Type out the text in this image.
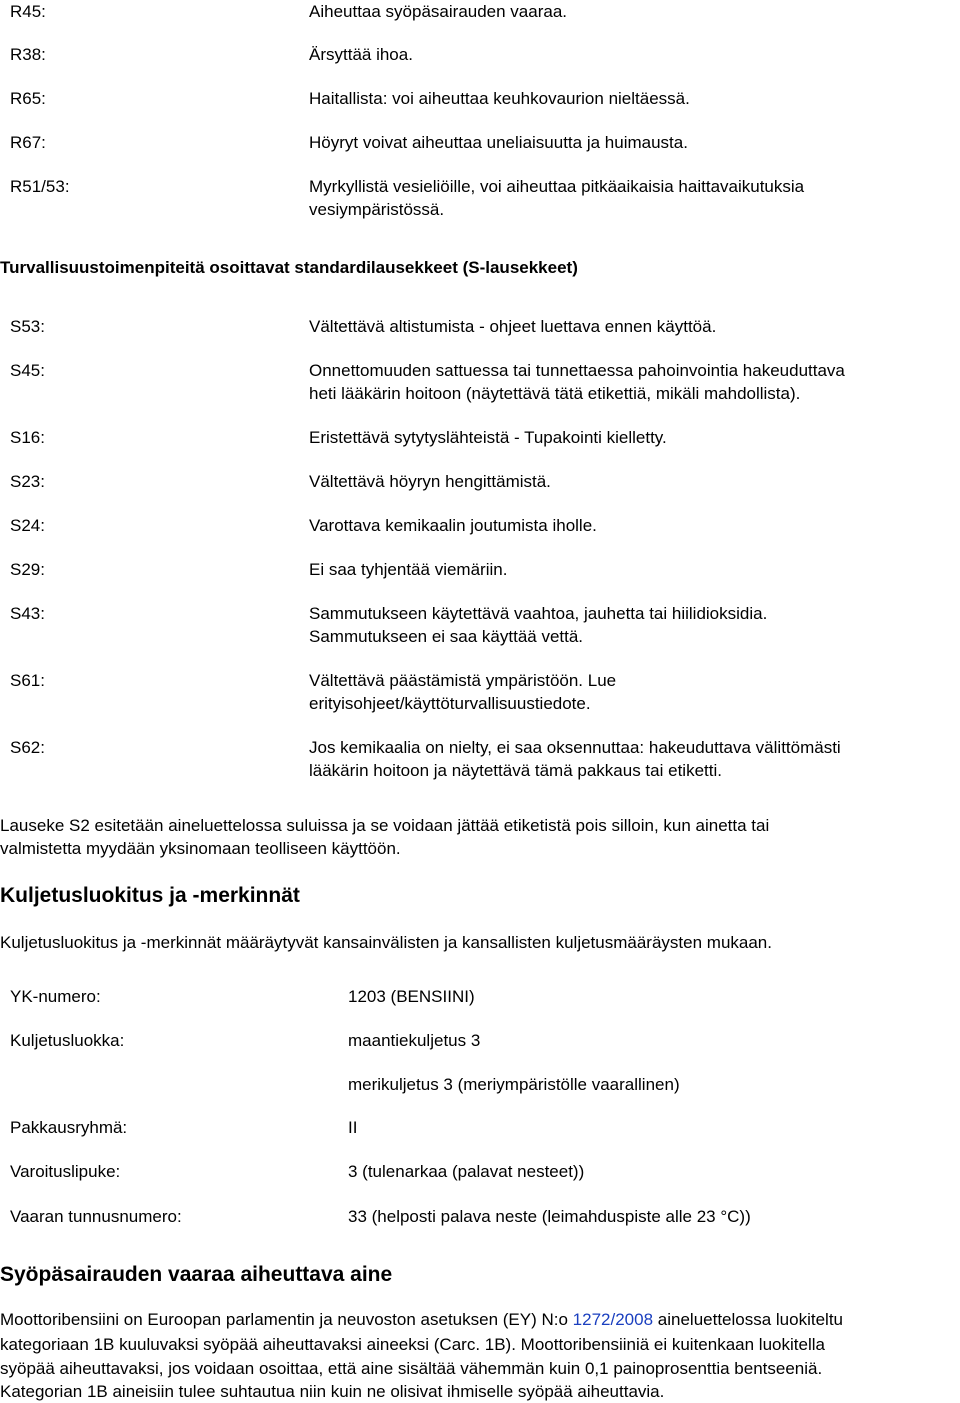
R45:	Aiheuttaa syöpäsairauden vaaraa.
R38:	Ärsyttää ihoa.
R65:	Haitallista: voi aiheuttaa keuhkovaurion nieltäessä.
R67:	Höyryt voivat aiheuttaa uneliaisuutta ja huimausta.
R51/53:	Myrkyllistä vesieliöille, voi aiheuttaa pitkäaikaisia haittavaikutuksia
vesiympäristössä.
Turvallisuustoimenpiteitä osoittavat standardilausekkeet (S-lausekkeet)
S53:	Vältettävä altistumista - ohjeet luettava ennen käyttöä.
S45:	Onnettomuuden sattuessa tai tunnettaessa pahoinvointia hakeuduttava
heti lääkärin hoitoon (näytettävä tätä etikettiä, mikäli mahdollista).
S16:	Eristettävä sytytyslähteistä - Tupakointi kielletty.
S23:	Vältettävä höyryn hengittämistä.
S24:	Varottava kemikaalin joutumista iholle.
S29:	Ei saa tyhjentää viemäriin.
S43:	Sammutukseen käytettävä vaahtoa, jauhetta tai hiilidioksidia.
Sammutukseen ei saa käyttää vettä.
S61:	Vältettävä päästämistä ympäristöön. Lue
erityisohjeet/käyttöturvallisuustiedote.
S62:	Jos kemikaalia on nielty, ei saa oksennuttaa: hakeuduttava välittömästi
lääkärin hoitoon ja näytettävä tämä pakkaus tai etiketti.
Lauseke S2 esitetään aineluettelossa suluissa ja se voidaan jättää etiketistä pois silloin, kun ainetta tai
valmistetta myydään yksinomaan teolliseen käyttöön.
Kuljetusluokitus ja -merkinnät
Kuljetusluokitus ja -merkinnät määräytyvät kansainvälisten ja kansallisten kuljetusmääräysten mukaan.
YK-numero:	1203 (BENSIINI)
Kuljetusluokka:	maantiekuljetus 3
merikuljetus 3 (meriympäristölle vaarallinen)
Pakkausryhmä:	II
Varoituslipuke:	3 (tulenarkaa (palavat nesteet))
Vaaran tunnusnumero:	33 (helposti palava neste (leimahduspiste alle 23 °C))
Syöpäsairauden vaaraa aiheuttava aine
Moottoribensiini on Euroopan parlamentin ja neuvoston asetuksen (EY) N:o 1272/2008 aineluettelossa luokiteltu
kategoriaan 1B kuuluvaksi syöpää aiheuttavaksi aineeksi (Carc. 1B). Moottoribensiiniä ei kuitenkaan luokitella
syöpää aiheuttavaksi, jos voidaan osoittaa, että aine sisältää vähemmän kuin 0,1 painoprosenttia bentseeniä.
Kategorian 1B aineisiin tulee suhtautua niin kuin ne olisivat ihmiselle syöpää aiheuttavia.
